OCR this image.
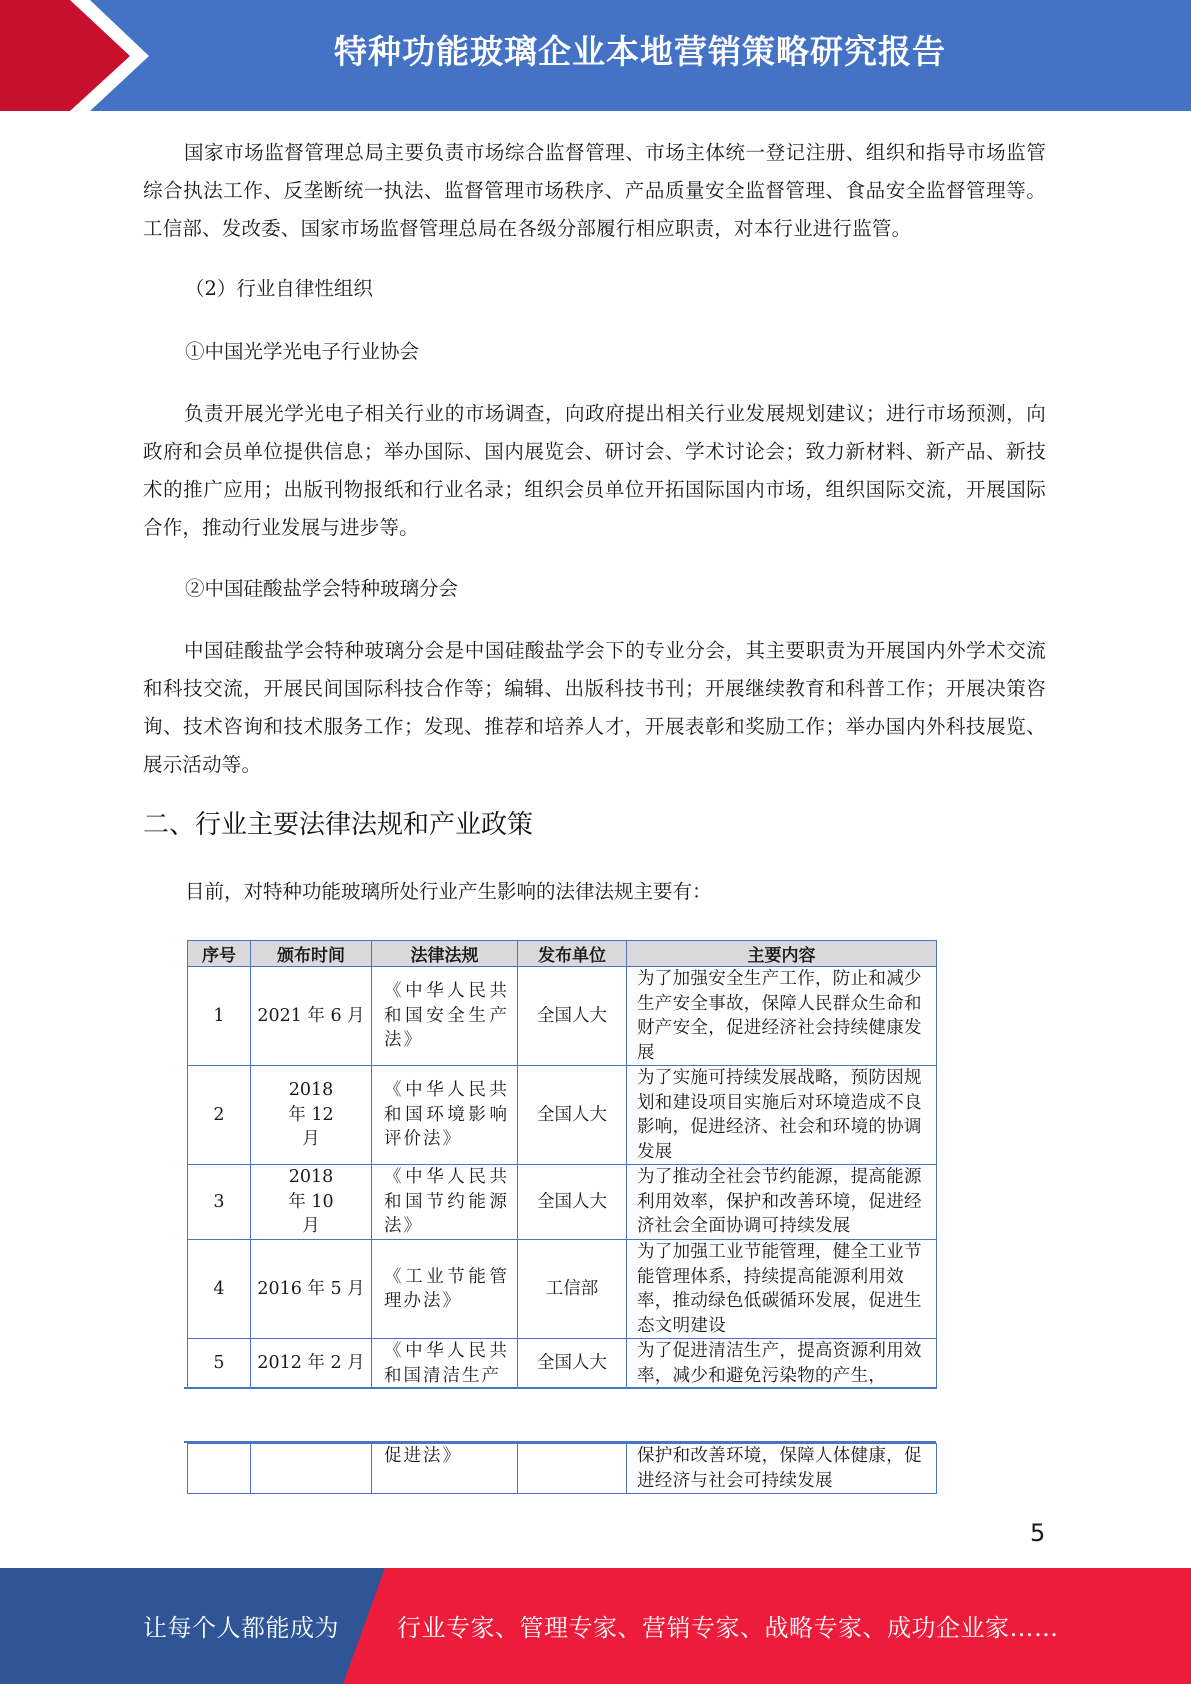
特种功能玻璃企业本地营销策略研究报告

国家市场监督管理总局主要负责市场综合监督管理、市场主体统一登记注册、组织和指导市场监管综合执法工作、反垄断统一执法、监督管理市场秩序、产品质量安全监督管理、食品安全监督管理等。工信部、发改委、国家市场监督管理总局在各级分部履行相应职责，对本行业进行监管。

（2）行业自律性组织
①中国光学光电子行业协会

负责开展光学光电子相关行业的市场调查，向政府提出相关行业发展规划建议；进行市场预测，向政府和会员单位提供信息；举办国际、国内展览会、研讨会、学术讨论会；致力新材料、新产品、新技术的推广应用；出版刊物报纸和行业名录；组织会员单位开拓国际国内市场，组织国际交流，开展国际合作，推动行业发展与进步等。

②中国硅酸盐学会特种玻璃分会

中国硅酸盐学会特种玻璃分会是中国硅酸盐学会下的专业分会，其主要职责为开展国内外学术交流和科技交流，开展民间国际科技合作等；编辑、出版科技书刊；开展继续教育和科普工作；开展决策咨询、技术咨询和技术服务工作；发现、推荐和培养人才，开展表彰和奖励工作；举办国内外科技展览、展示活动等。

二、行业主要法律法规和产业政策
目前，对特种功能玻璃所处行业产生影响的法律法规主要有：
序号	颁布时间	法律法规	发布单位	主要内容
1	2021 年 6 月	《中华人民共和国安全生产法》	全国人大	为了加强安全生产工作，防止和减少生产安全事故，保障人民群众生命和财产安全，促进经济社会持续健康发展
2	2018 年 12 月	《中华人民共和国环境影响评价法》	全国人大	为了实施可持续发展战略，预防因规划和建设项目实施后对环境造成不良影响，促进经济、社会和环境的协调发展
3	2018 年 10 月	《中华人民共和国节约能源法》	全国人大	为了推动全社会节约能源，提高能源利用效率，保护和改善环境，促进经济社会全面协调可持续发展
4	2016 年 5 月	《工业节能管理办法》	工信部	为了加强工业节能管理，健全工业节能管理体系，持续提高能源利用效率，推动绿色低碳循环发展，促进生态文明建设
5	2012 年 2 月	《中华人民共和国清洁生产	全国人大	为了促进清洁生产，提高资源利用效率，减少和避免污染物的产生，
		促进法》		保护和改善环境，保障人体健康，促进经济与社会可持续发展
5
让每个人都能成为 行业专家、管理专家、营销专家、战略专家、成功企业家……
